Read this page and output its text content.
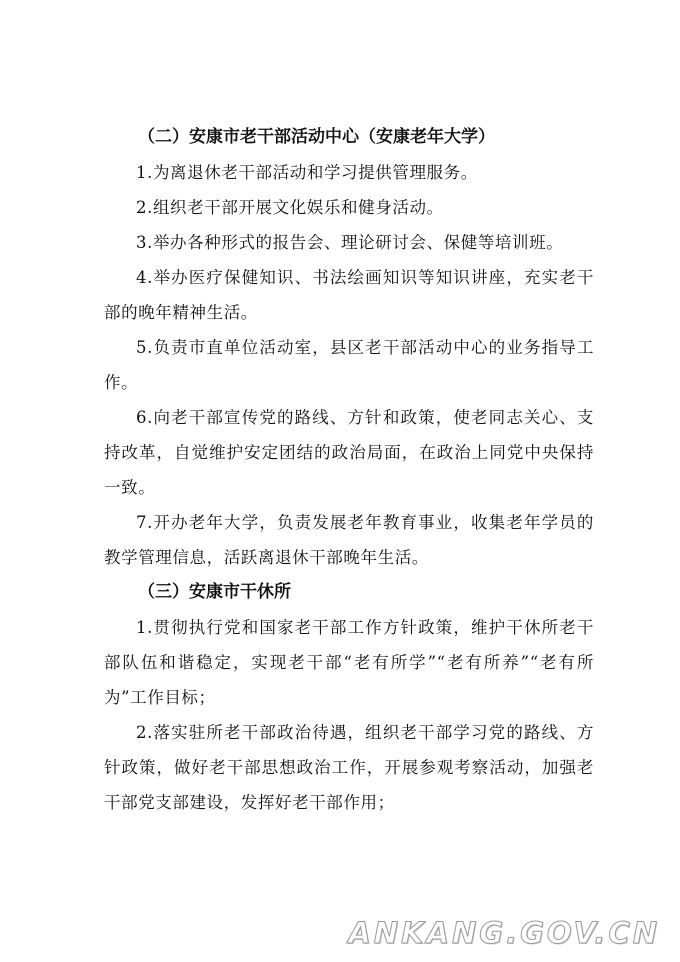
（二）安康市老干部活动中心（安康老年大学）

1.为离退休老干部活动和学习提供管理服务。

2.组织老干部开展文化娱乐和健身活动。

3.举办各种形式的报告会、理论研讨会、保健等培训班。

4.举办医疗保健知识、书法绘画知识等知识讲座，充实老干部的晚年精神生活。

5.负责市直单位活动室，县区老干部活动中心的业务指导工作。

6.向老干部宣传党的路线、方针和政策，使老同志关心、支持改革，自觉维护安定团结的政治局面，在政治上同党中央保持一致。

7.开办老年大学，负责发展老年教育事业，收集老年学员的教学管理信息，活跃离退休干部晚年生活。

（三）安康市干休所

1.贯彻执行党和国家老干部工作方针政策，维护干休所老干部队伍和谐稳定，实现老干部“老有所学”“老有所养”“老有所为”工作目标；

2.落实驻所老干部政治待遇，组织老干部学习党的路线、方针政策，做好老干部思想政治工作，开展参观考察活动，加强老干部党支部建设，发挥好老干部作用；

ANKANG.GOV.CN
